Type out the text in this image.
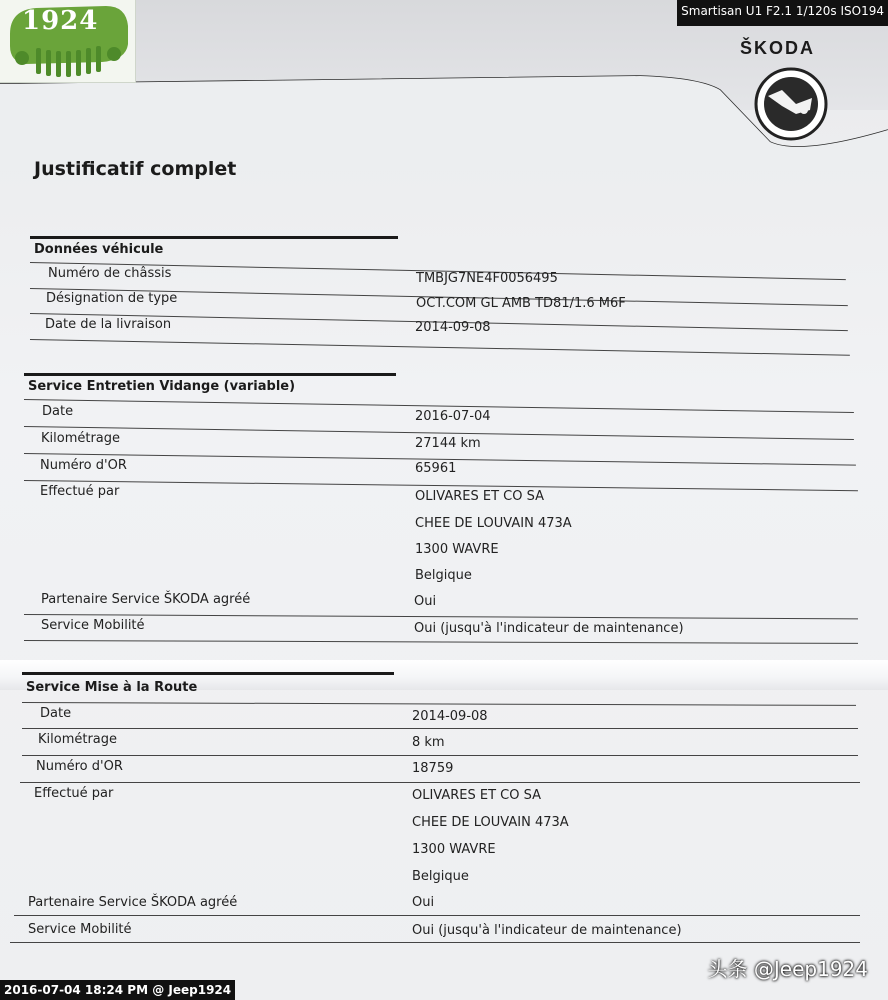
1924	Smartisan U1 F2.1 1/120s ISO194
ŠKODA
Justificatif complet
Données véhicule
Numéro de châssis	TMBJG7NE4F0056495
Désignation de type	OCT.COM GL AMB TD81/1.6 M6F
Date de la livraison	2014-09-08
Service Entretien Vidange (variable)
Date	2016-07-04
Kilométrage	27144 km
Numéro d'OR	65961
Effectué par	OLIVARES ET CO SA
CHEE DE LOUVAIN 473A
1300 WAVRE
Belgique
Partenaire Service ŠKODA agréé	Oui
Service Mobilité	Oui (jusqu'à l'indicateur de maintenance)
Service Mise à la Route
Date	2014-09-08
Kilométrage	8 km
Numéro d'OR	18759
Effectué par	OLIVARES ET CO SA
CHEE DE LOUVAIN 473A
1300 WAVRE
Belgique
Partenaire Service ŠKODA agréé	Oui
Service Mobilité	Oui (jusqu'à l'indicateur de maintenance)
头条 @Jeep1924
2016-07-04 18:24 PM @ Jeep1924
